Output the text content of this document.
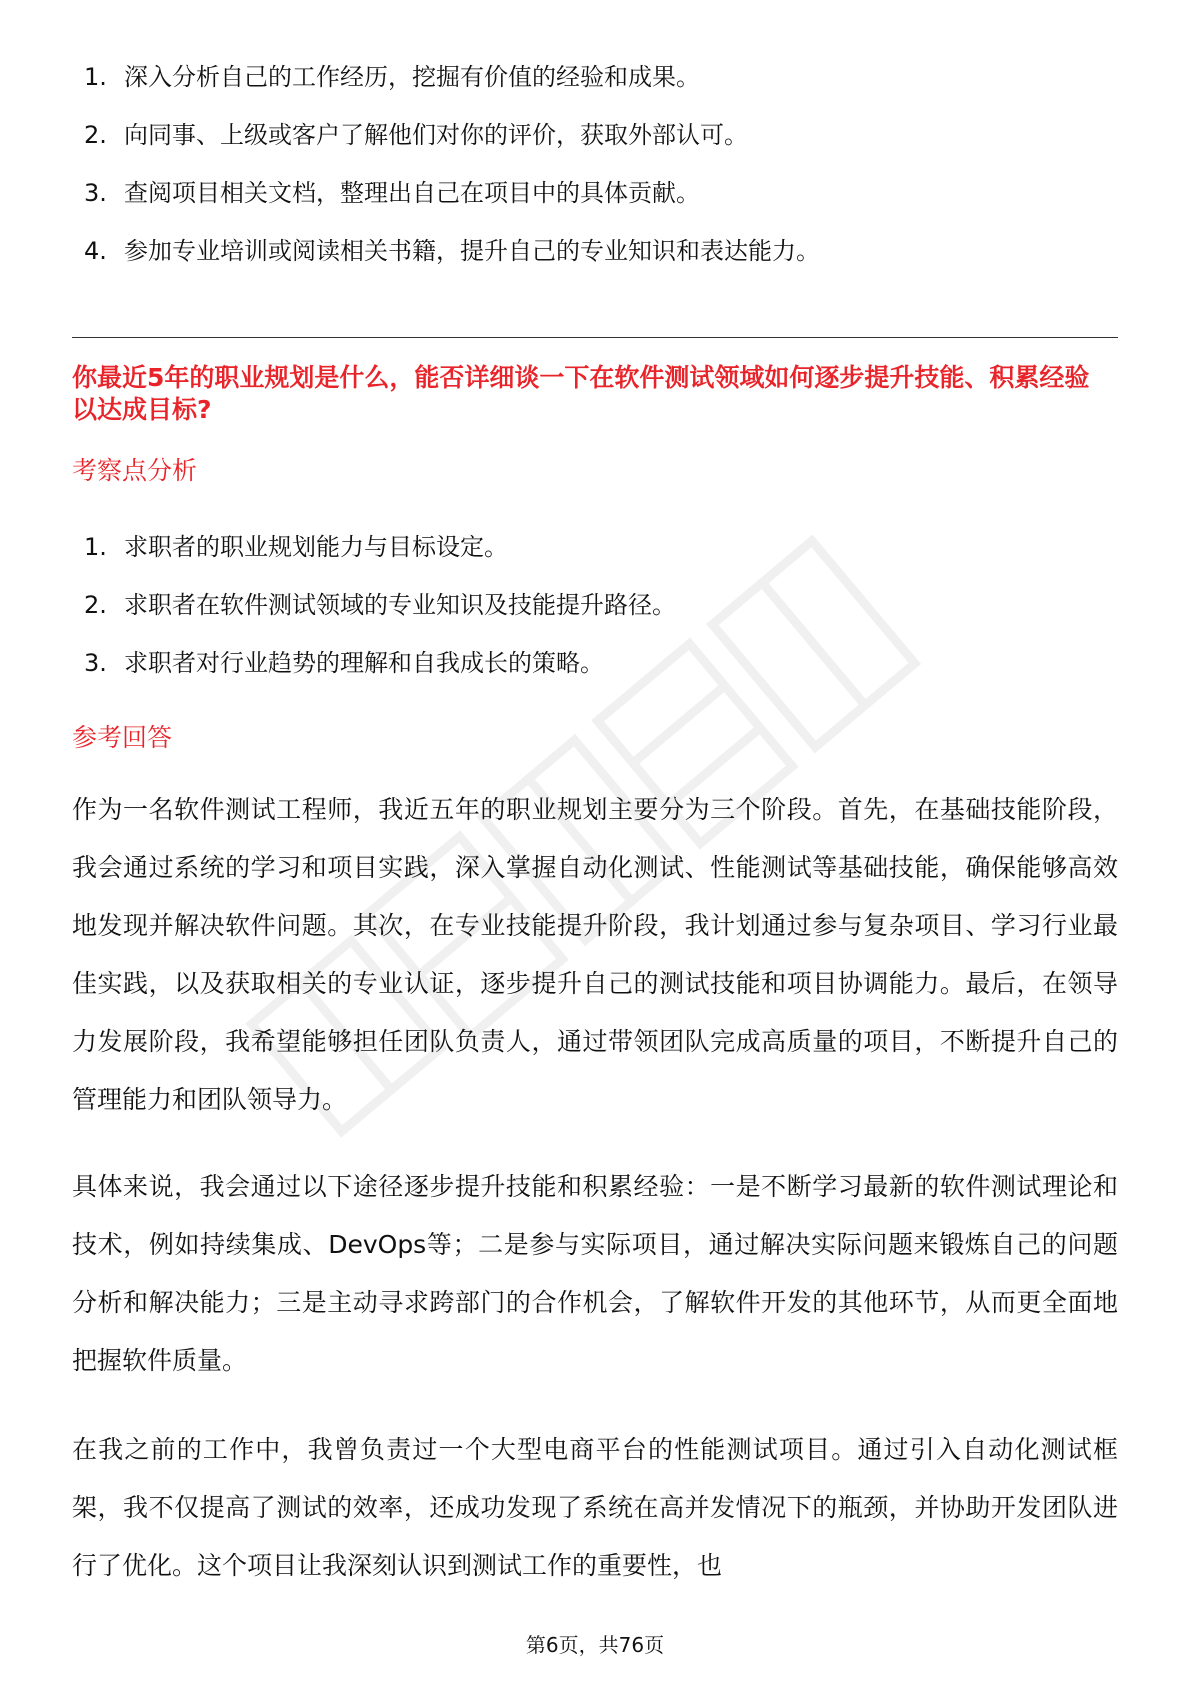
1. 深入分析自己的工作经历，挖掘有价值的经验和成果。
2. 向同事、上级或客户了解他们对你的评价，获取外部认可。
3. 查阅项目相关文档，整理出自己在项目中的具体贡献。
4. 参加专业培训或阅读相关书籍，提升自己的专业知识和表达能力。
你最近5年的职业规划是什么，能否详细谈一下在软件测试领域如何逐步提升技能、积累经验以达成目标?
考察点分析
1. 求职者的职业规划能力与目标设定。
2. 求职者在软件测试领域的专业知识及技能提升路径。
3. 求职者对行业趋势的理解和自我成长的策略。
参考回答

作为一名软件测试工程师，我近五年的职业规划主要分为三个阶段。首先，在基础技能阶段，我会通过系统的学习和项目实践，深入掌握自动化测试、性能测试等基础技能，确保能够高效地发现并解决软件问题。其次，在专业技能提升阶段，我计划通过参与复杂项目、学习行业最佳实践，以及获取相关的专业认证，逐步提升自己的测试技能和项目协调能力。最后，在领导力发展阶段，我希望能够担任团队负责人，通过带领团队完成高质量的项目，不断提升自己的管理能力和团队领导力。

具体来说，我会通过以下途径逐步提升技能和积累经验：一是不断学习最新的软件测试理论和技术，例如持续集成、DevOps等；二是参与实际项目，通过解决实际问题来锻炼自己的问题分析和解决能力；三是主动寻求跨部门的合作机会，了解软件开发的其他环节，从而更全面地把握软件质量。

在我之前的工作中，我曾负责过一个大型电商平台的性能测试项目。通过引入自动化测试框架，我不仅提高了测试的效率，还成功发现了系统在高并发情况下的瓶颈，并协助开发团队进行了优化。这个项目让我深刻认识到测试工作的重要性，也

第6页，共76页
